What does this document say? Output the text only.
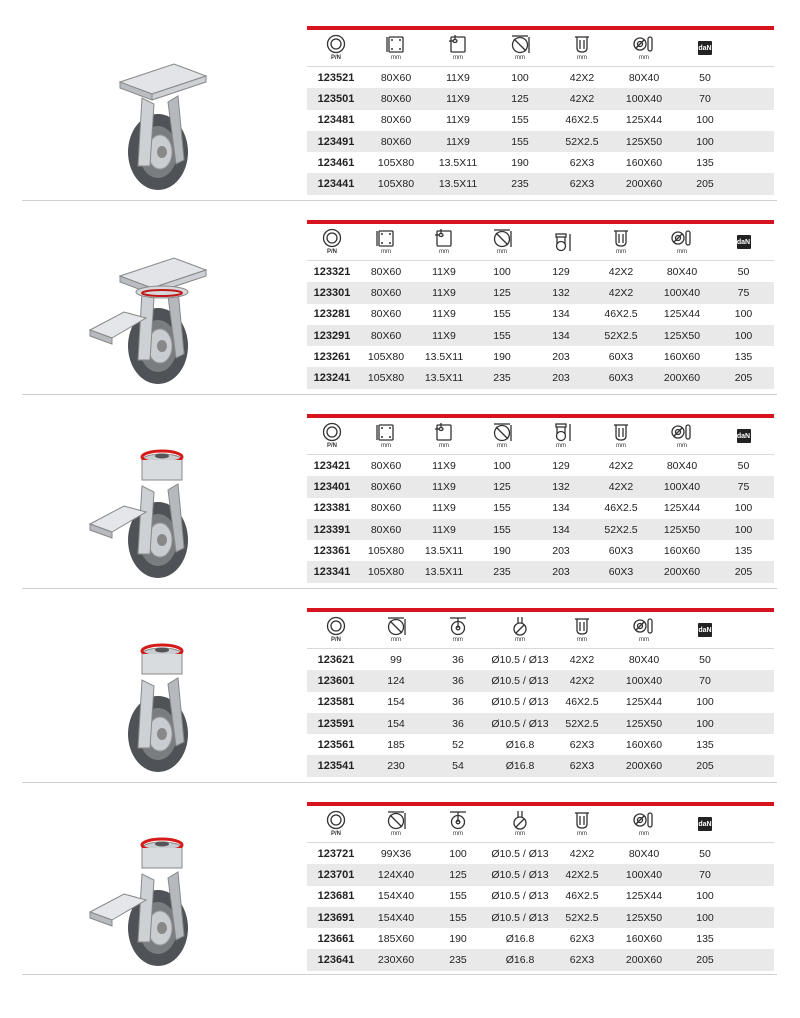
P/N	mm	mm	mm	mm	mm
daN
123521	80X60	11X9	100	42X2	80X40	50
123501	80X60	11X9	125	42X2	100X40	70
123481	80X60	11X9	155	46X2.5	125X44	100
123491	80X60	11X9	155	52X2.5	125X50	100
123461	105X80	13.5X11	190	62X3	160X60	135
123441	105X80	13.5X11	235	62X3	200X60	205
P/N	mm	mm	mm	mm	mm
daN
123321	80X60	11X9	100	129	42X2	80X40	50
123301	80X60	11X9	125	132	42X2	100X40	75
123281	80X60	11X9	155	134	46X2.5	125X44	100
123291	80X60	11X9	155	134	52X2.5	125X50	100
123261	105X80	13.5X11	190	203	60X3	160X60	135
123241	105X80	13.5X11	235	203	60X3	200X60	205
P/N	mm	mm	mm	mm	mm	mm
daN
123421	80X60	11X9	100	129	42X2	80X40	50
123401	80X60	11X9	125	132	42X2	100X40	75
123381	80X60	11X9	155	134	46X2.5	125X44	100
123391	80X60	11X9	155	134	52X2.5	125X50	100
123361	105X80	13.5X11	190	203	60X3	160X60	135
123341	105X80	13.5X11	235	203	60X3	200X60	205
P/N	mm	mm	mm	mm	mm
daN
123621	99	36	Ø10.5 / Ø13	42X2	80X40	50
123601	124	36	Ø10.5 / Ø13	42X2	100X40	70
123581	154	36	Ø10.5 / Ø13	46X2.5	125X44	100
123591	154	36	Ø10.5 / Ø13	52X2.5	125X50	100
123561	185	52	Ø16.8	62X3	160X60	135
123541	230	54	Ø16.8	62X3	200X60	205
P/N	mm	mm	mm	mm	mm
daN
123721	99X36	100	Ø10.5 / Ø13	42X2	80X40	50
123701	124X40	125	Ø10.5 / Ø13	42X2.5	100X40	70
123681	154X40	155	Ø10.5 / Ø13	46X2.5	125X44	100
123691	154X40	155	Ø10.5 / Ø13	52X2.5	125X50	100
123661	185X60	190	Ø16.8	62X3	160X60	135
123641	230X60	235	Ø16.8	62X3	200X60	205
